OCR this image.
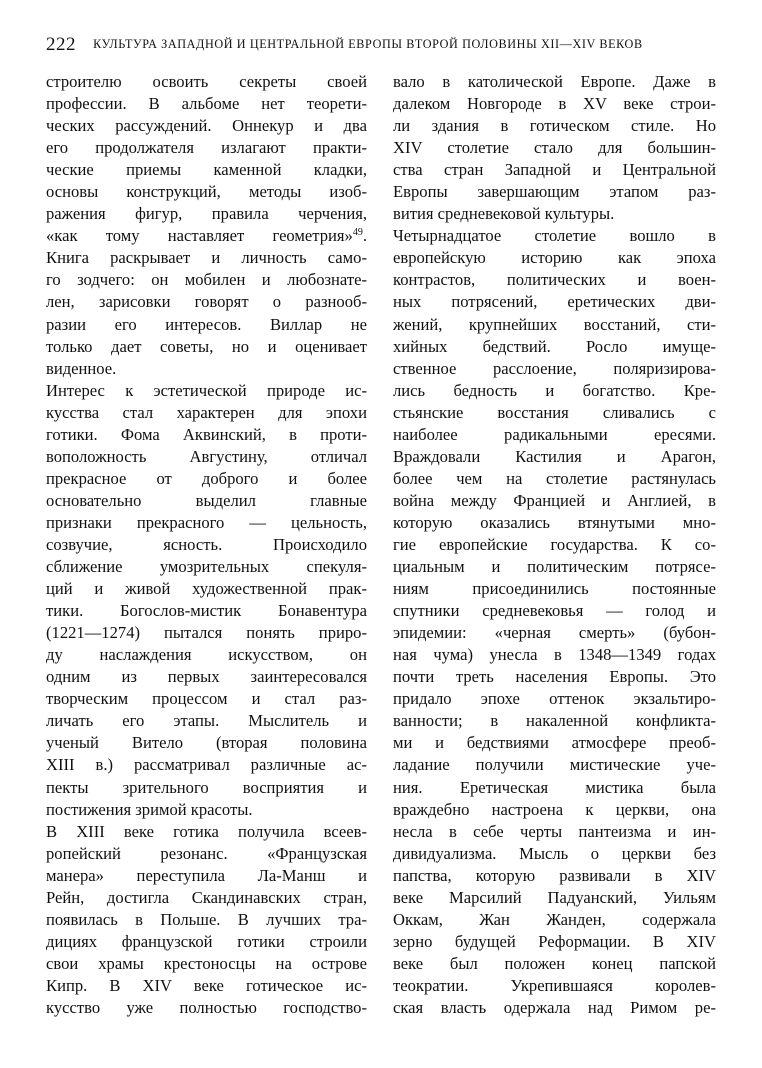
222 КУЛЬТУРА ЗАПАДНОЙ И ЦЕНТРАЛЬНОЙ ЕВРОПЫ ВТОРОЙ ПОЛОВИНЫ XII—XIV ВЕКОВ
строителю освоить секреты своей
профессии. В альбоме нет теорети-
ческих рассуждений. Оннекур и два
его продолжателя излагают практи-
ческие приемы каменной кладки,
основы конструкций, методы изоб-
ражения фигур, правила черчения,
«как тому наставляет геометрия»$^{49}$.
Книга раскрывает и личность само-
го зодчего: он мобилен и любознате-
лен, зарисовки говорят о разнооб-
разии его интересов. Виллар не
только дает советы, но и оценивает
виденное.
Интерес к эстетической природе ис-
кусства стал характерен для эпохи
готики. Фома Аквинский, в проти-
воположность Августину, отличал
прекрасное от доброго и более
основательно выделил главные
признаки прекрасного — цельность,
созвучие, ясность. Происходило
сближение умозрительных спекуля-
ций и живой художественной прак-
тики. Богослов-мистик Бонавентура
(1221—1274) пытался понять приро-
ду наслаждения искусством, он
одним из первых заинтересовался
творческим процессом и стал раз-
личать его этапы. Мыслитель и
ученый Витело (вторая половина
XIII в.) рассматривал различные ас-
пекты зрительного восприятия и
постижения зримой красоты.
В XIII веке готика получила всеев-
ропейский резонанс. «Французская
манера» переступила Ла-Манш и
Рейн, достигла Скандинавских стран,
появилась в Польше. В лучших тра-
дициях французской готики строили
свои храмы крестоносцы на острове
Кипр. В XIV веке готическое ис-
кусство уже полностью господство-
вало в католической Европе. Даже в
далеком Новгороде в XV веке строи-
ли здания в готическом стиле. Но
XIV столетие стало для большин-
ства стран Западной и Центральной
Европы завершающим этапом раз-
вития средневековой культуры.
Четырнадцатое столетие вошло в
европейскую историю как эпоха
контрастов, политических и воен-
ных потрясений, еретических дви-
жений, крупнейших восстаний, сти-
хийных бедствий. Росло имуще-
ственное расслоение, поляризирова-
лись бедность и богатство. Кре-
стьянские восстания сливались с
наиболее радикальными ересями.
Враждовали Кастилия и Арагон,
более чем на столетие растянулась
война между Францией и Англией, в
которую оказались втянутыми мно-
гие европейские государства. К со-
циальным и политическим потрясе-
ниям присоединились постоянные
спутники средневековья — голод и
эпидемии: «черная смерть» (бубон-
ная чума) унесла в 1348—1349 годах
почти треть населения Европы. Это
придало эпохе оттенок экзальтиро-
ванности; в накаленной конфликта-
ми и бедствиями атмосфере преоб-
ладание получили мистические уче-
ния. Еретическая мистика была
враждебно настроена к церкви, она
несла в себе черты пантеизма и ин-
дивидуализма. Мысль о церкви без
папства, которую развивали в XIV
веке Марсилий Падуанский, Уильям
Оккам, Жан Жанден, содержала
зерно будущей Реформации. В XIV
веке был положен конец папской
теократии. Укрепившаяся королев-
ская власть одержала над Римом ре-
